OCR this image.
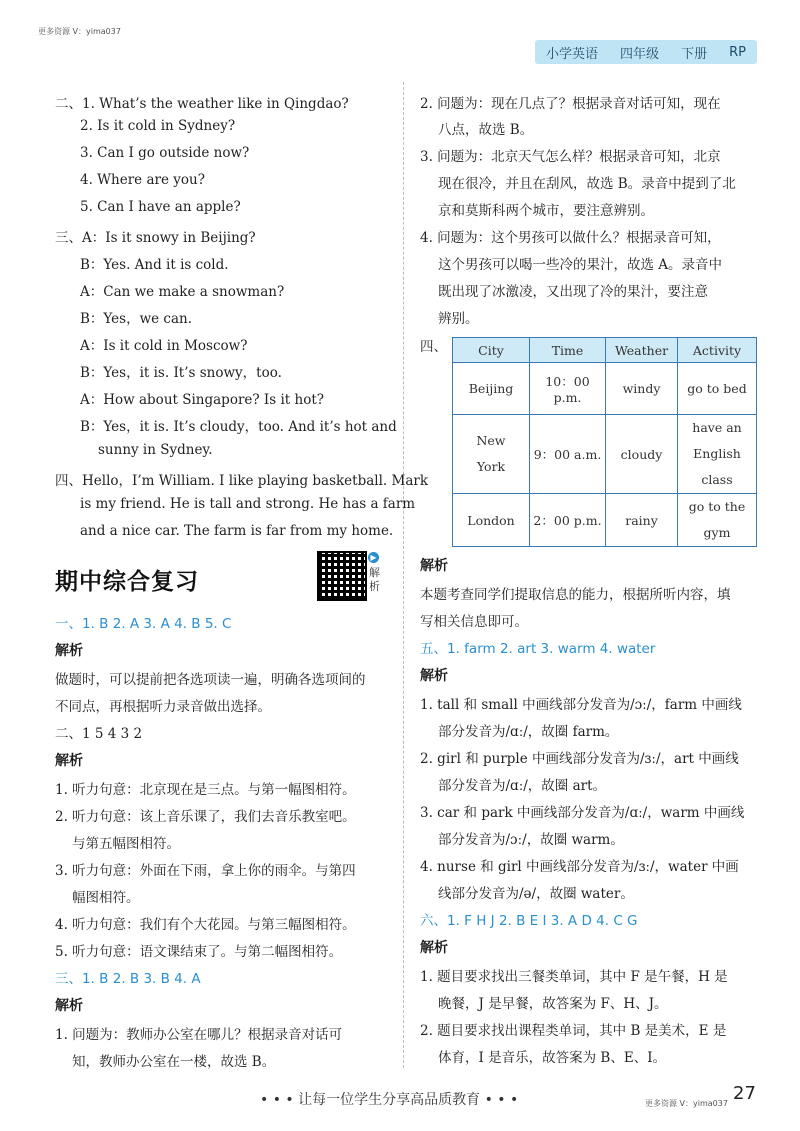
更多资源 V：yima037
小学英语 四年级 下册 RP
二、1. What’s the weather like in Qingdao?
2. Is it cold in Sydney?
3. Can I go outside now?
4. Where are you?
5. Can I have an apple?
三、A：Is it snowy in Beijing?
B：Yes. And it is cold.
A：Can we make a snowman?
B：Yes，we can.
A：Is it cold in Moscow?
B：Yes，it is. It’s snowy，too.
A：How about Singapore? Is it hot?
B：Yes，it is. It’s cloudy，too. And it’s hot and
sunny in Sydney.
四、Hello，I’m William. I like playing basketball. Mark
is my friend. He is tall and strong. He has a farm
and a nice car. The farm is far from my home.
一、1. B 2. A 3. A 4. B 5. C
解析
做题时，可以提前把各选项读一遍，明确各选项间的
不同点，再根据听力录音做出选择。
二、1 5 4 3 2
解析
1. 听力句意：北京现在是三点。与第一幅图相符。
2. 听力句意：该上音乐课了，我们去音乐教室吧。
与第五幅图相符。
3. 听力句意：外面在下雨，拿上你的雨伞。与第四
幅图相符。
4. 听力句意：我们有个大花园。与第三幅图相符。
5. 听力句意：语文课结束了。与第二幅图相符。
三、1. B 2. B 3. B 4. A
解析
1. 问题为：教师办公室在哪儿？根据录音对话可
知，教师办公室在一楼，故选 B。
2. 问题为：现在几点了？根据录音对话可知，现在
八点，故选 B。
3. 问题为：北京天气怎么样？根据录音可知，北京
现在很冷，并且在刮风，故选 B。录音中提到了北
京和莫斯科两个城市，要注意辨别。
4. 问题为：这个男孩可以做什么？根据录音可知，
这个男孩可以喝一些冷的果汁，故选 A。录音中
既出现了冰激凌，又出现了冷的果汁，要注意
辨别。
四、
解析
本题考查同学们提取信息的能力，根据所听内容，填
写相关信息即可。
五、1. farm 2. art 3. warm 4. water
解析
1. tall 和 small 中画线部分发音为/ɔː/，farm 中画线
部分发音为/ɑː/，故圈 farm。
2. girl 和 purple 中画线部分发音为/ɜː/，art 中画线
部分发音为/ɑː/，故圈 art。
3. car 和 park 中画线部分发音为/ɑː/，warm 中画线
部分发音为/ɔː/，故圈 warm。
4. nurse 和 girl 中画线部分发音为/ɜː/，water 中画
线部分发音为/ə/，故圈 water。
六、1. F H J 2. B E I 3. A D 4. C G
解析
1. 题目要求找出三餐类单词，其中 F 是午餐，H 是
晚餐，J 是早餐，故答案为 F、H、J。
2. 题目要求找出课程类单词，其中 B 是美术，E 是
体育，I 是音乐，故答案为 B、E、I。
期中综合复习
▶
解析
City	Time	Weather	Activity
Beijing	10：00 p.m.	windy	go to bed
New York	9：00 a.m.	cloudy	have an English class
London	2：00 p.m.	rainy	go to the gym
• • • 让每一位学生分享高品质教育 • • •	27
更多资源 V：yima037
